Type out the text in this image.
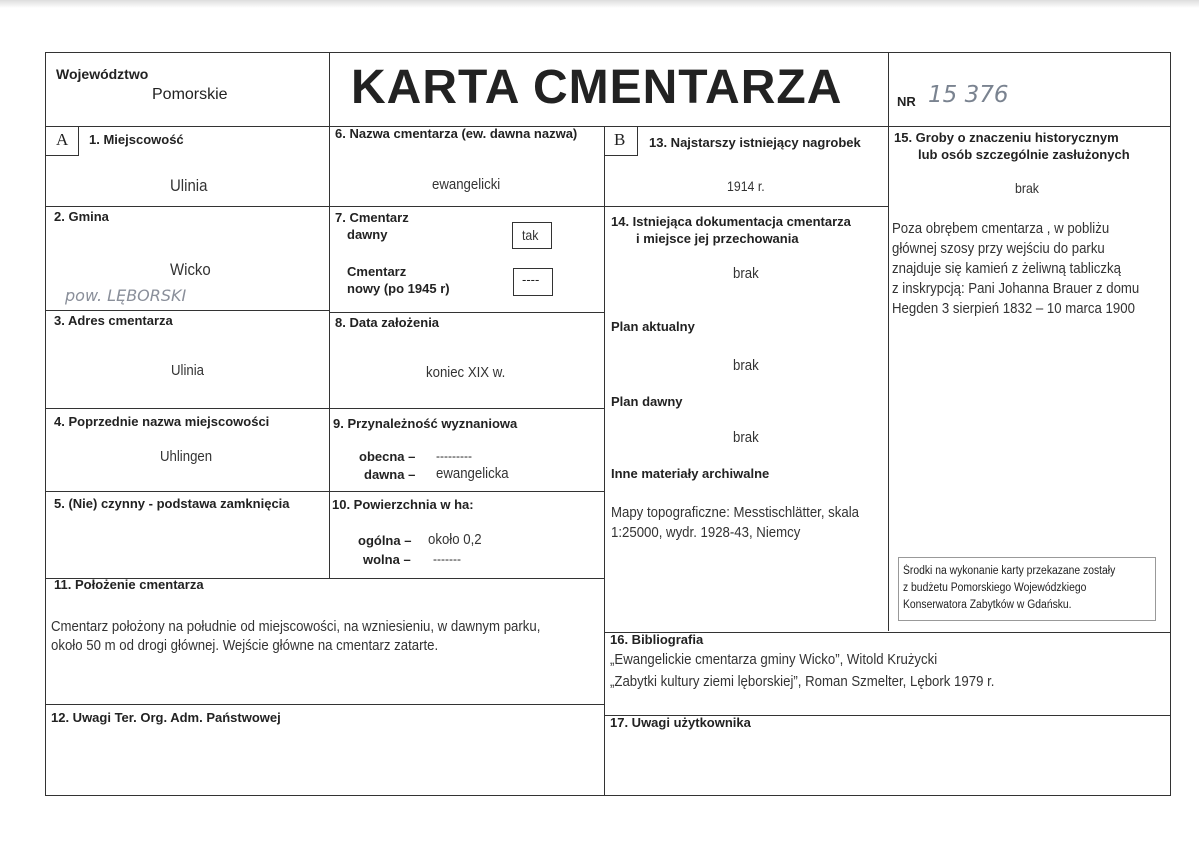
A	B
Województwo
Pomorskie	KARTA CMENTARZA	NR 15 376
1. Miejscowość
Ulinia
2. Gmina
Wicko
pow. LĘBORSKI
3. Adres cmentarza
Ulinia
4. Poprzednie nazwa miejscowości
Uhlingen
5. (Nie) czynny - podstawa zamknięcia
6. Nazwa cmentarza (ew. dawna nazwa)
ewangelicki
7. Cmentarz
dawny	tak
Cmentarz
nowy (po 1945 r)
----
8. Data założenia
koniec XIX w.
9. Przynależność wyznaniowa
obecna – ---------
dawna – ewangelicka
10. Powierzchnia w ha:
ogólna – około 0,2
wolna – -------
11. Położenie cmentarza
Cmentarz położony na południe od miejscowości, na wzniesieniu, w dawnym parku,
około 50 m od drogi głównej. Wejście główne na cmentarz zatarte.
12. Uwagi Ter. Org. Adm. Państwowej
13. Najstarszy istniejący nagrobek
1914 r.
14. Istniejąca dokumentacja cmentarza
i miejsce jej przechowania
brak
Plan aktualny
brak
Plan dawny
brak
Inne materiały archiwalne
Mapy topograficzne: Messtischlätter, skala
1:25000, wydr. 1928-43, Niemcy
15. Groby o znaczeniu historycznym
lub osób szczególnie zasłużonych
brak
Poza obrębem cmentarza , w pobliżu
głównej szosy przy wejściu do parku
znajduje się kamień z żeliwną tabliczką
z inskrypcją: Pani Johanna Brauer z domu
Hegden 3 sierpień 1832 – 10 marca 1900
Środki na wykonanie karty przekazane zostały
z budżetu Pomorskiego Wojewódzkiego
Konserwatora Zabytków w Gdańsku.
16. Bibliografia
„Ewangelickie cmentarza gminy Wicko”, Witold Krużycki
„Zabytki kultury ziemi lęborskiej”, Roman Szmelter, Lębork 1979 r.
17. Uwagi użytkownika
